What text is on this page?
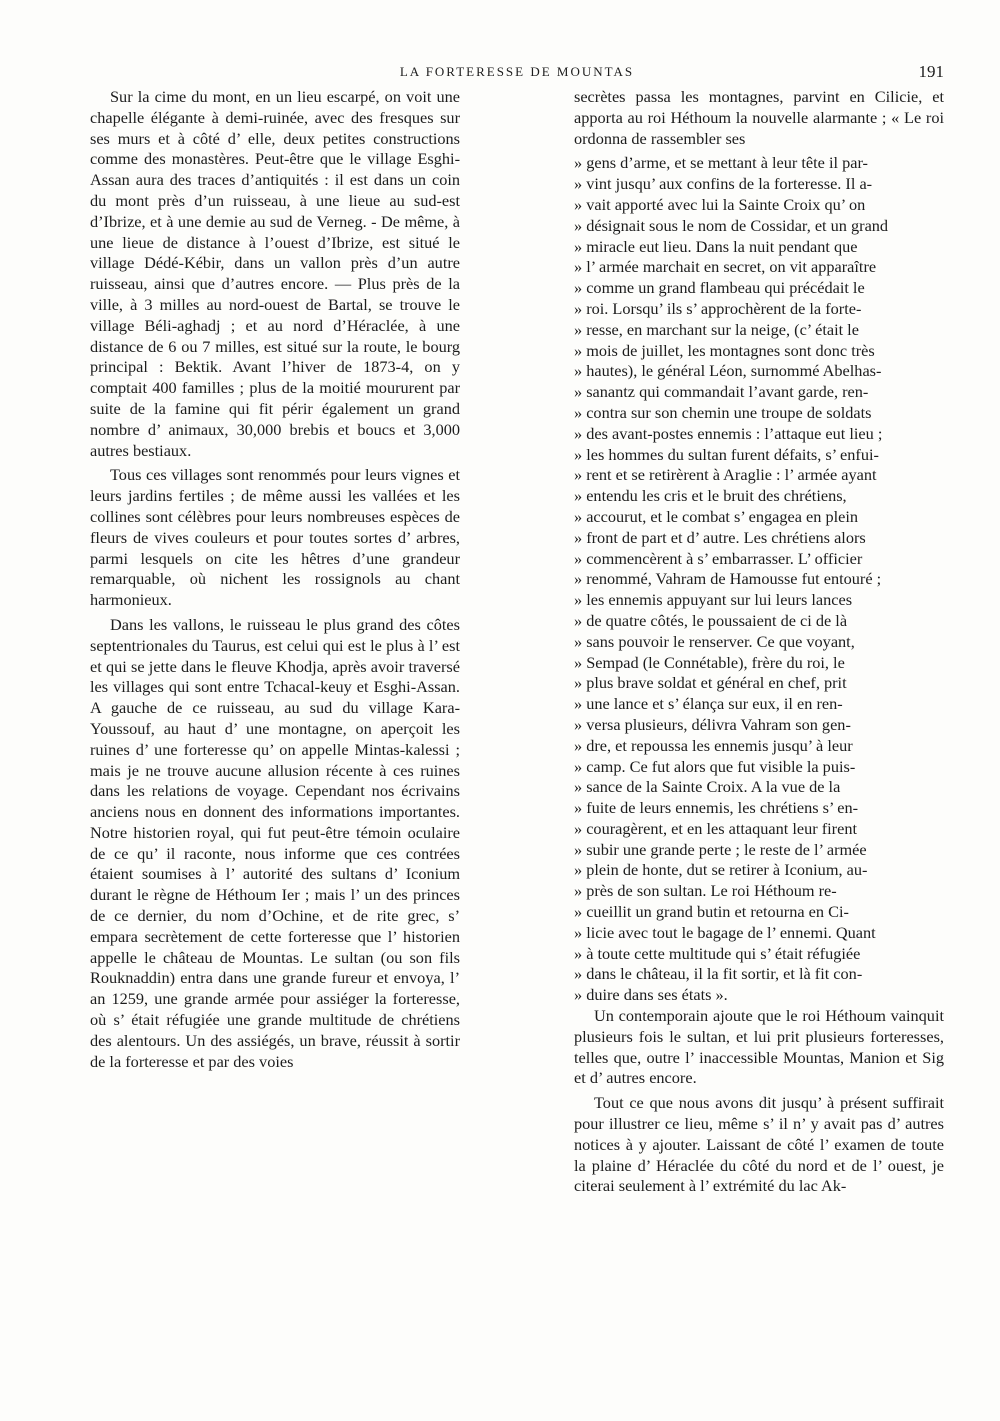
LA FORTERESSE DE MOUNTAS	191

Sur la cime du mont, en un lieu escarpé, on voit une chapelle élégante à demi-ruinée, avec des fresques sur ses murs et à côté d’ elle, deux petites constructions comme des monastères. Peut-être que le village Esghi-Assan aura des traces d’antiquités : il est dans un coin du mont près d’un ruisseau, à une lieue au sud-est d’Ibrize, et à une demie au sud de Verneg. - De même, à une lieue de distance à l’ouest d’Ibrize, est situé le village Dédé-Kébir, dans un vallon près d’un autre ruisseau, ainsi que d’autres encore. — Plus près de la ville, à 3 milles au nord-ouest de Bartal, se trouve le village Béli-aghadj ; et au nord d’Héraclée, à une distance de 6 ou 7 milles, est situé sur la route, le bourg principal : Bektik. Avant l’hiver de 1873-4, on y comptait 400 familles ; plus de la moitié moururent par suite de la famine qui fit périr également un grand nombre d’ animaux, 30,000 brebis et boucs et 3,000 autres bestiaux.

Tous ces villages sont renommés pour leurs vignes et leurs jardins fertiles ; de même aussi les vallées et les collines sont célèbres pour leurs nombreuses espèces de fleurs de vives couleurs et pour toutes sortes d’ arbres, parmi lesquels on cite les hêtres d’une grandeur remarquable, où nichent les rossignols au chant harmonieux.

Dans les vallons, le ruisseau le plus grand des côtes septentrionales du Taurus, est celui qui est le plus à l’ est et qui se jette dans le fleuve Khodja, après avoir traversé les villages qui sont entre Tchacal-keuy et Esghi-Assan. A gauche de ce ruisseau, au sud du village Kara-Youssouf, au haut d’ une montagne, on aperçoit les ruines d’ une forteresse qu’ on appelle Mintas-kalessi ; mais je ne trouve aucune allusion récente à ces ruines dans les relations de voyage. Cependant nos écrivains anciens nous en donnent des informations importantes. Notre historien royal, qui fut peut-être témoin oculaire de ce qu’ il raconte, nous informe que ces contrées étaient soumises à l’ autorité des sultans d’ Iconium durant le règne de Héthoum Ier ; mais l’ un des princes de ce dernier, du nom d’Ochine, et de rite grec, s’ empara secrètement de cette forteresse que l’ historien appelle le château de Mountas. Le sultan (ou son fils Rouknaddin) entra dans une grande fureur et envoya, l’ an 1259, une grande armée pour assiéger la forteresse, où s’ était réfugiée une grande multitude de chrétiens des alentours. Un des assiégés, un brave, réussit à sortir de la forteresse et par des voies

secrètes passa les montagnes, parvint en Cilicie, et apporta au roi Héthoum la nouvelle alarmante ; « Le roi ordonna de rassembler ses

» gens d’arme, et se mettant à leur tête il par-
» vint jusqu’ aux confins de la forteresse. Il a-
» vait apporté avec lui la Sainte Croix qu’ on
» désignait sous le nom de Cossidar, et un grand
» miracle eut lieu. Dans la nuit pendant que
» l’ armée marchait en secret, on vit apparaître
» comme un grand flambeau qui précédait le
» roi. Lorsqu’ ils s’ approchèrent de la forte-
» resse, en marchant sur la neige, (c’ était le
» mois de juillet, les montagnes sont donc très
» hautes), le général Léon, surnommé Abelhas-
» sanantz qui commandait l’avant garde, ren-
» contra sur son chemin une troupe de soldats
» des avant-postes ennemis : l’attaque eut lieu ;
» les hommes du sultan furent défaits, s’ enfui-
» rent et se retirèrent à Araglie : l’ armée ayant
» entendu les cris et le bruit des chrétiens,
» accourut, et le combat s’ engagea en plein
» front de part et d’ autre. Les chrétiens alors
» commencèrent à s’ embarrasser. L’ officier
» renommé, Vahram de Hamousse fut entouré ;
» les ennemis appuyant sur lui leurs lances
» de quatre côtés, le poussaient de ci de là
» sans pouvoir le renserver. Ce que voyant,
» Sempad (le Connétable), frère du roi, le
» plus brave soldat et général en chef, prit
» une lance et s’ élança sur eux, il en ren-
» versa plusieurs, délivra Vahram son gen-
» dre, et repoussa les ennemis jusqu’ à leur
» camp. Ce fut alors que fut visible la puis-
» sance de la Sainte Croix. A la vue de la
» fuite de leurs ennemis, les chrétiens s’ en-
» couragèrent, et en les attaquant leur firent
» subir une grande perte ; le reste de l’ armée
» plein de honte, dut se retirer à Iconium, au-
» près de son sultan. Le roi Héthoum re-
» cueillit un grand butin et retourna en Ci-
» licie avec tout le bagage de l’ ennemi. Quant
» à toute cette multitude qui s’ était réfugiée
» dans le château, il la fit sortir, et là fit con-
» duire dans ses états ».

Un contemporain ajoute que le roi Héthoum vainquit plusieurs fois le sultan, et lui prit plusieurs forteresses, telles que, outre l’ inaccessible Mountas, Manion et Sig et d’ autres encore.

Tout ce que nous avons dit jusqu’ à présent suffirait pour illustrer ce lieu, même s’ il n’ y avait pas d’ autres notices à y ajouter. Laissant de côté l’ examen de toute la plaine d’ Héraclée du côté du nord et de l’ ouest, je citerai seulement à l’ extrémité du lac Ak-
